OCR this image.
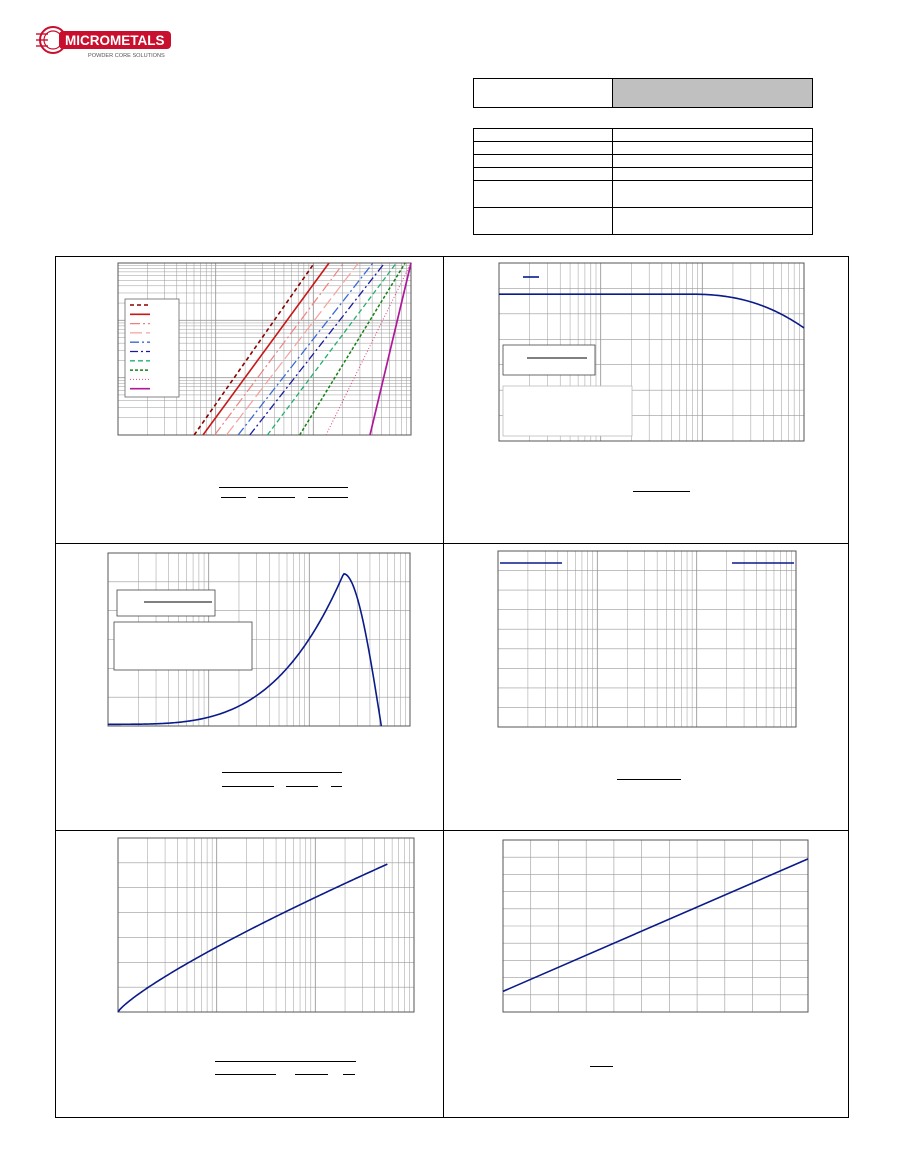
MICROMETALS
POWDER CORE SOLUTIONS
